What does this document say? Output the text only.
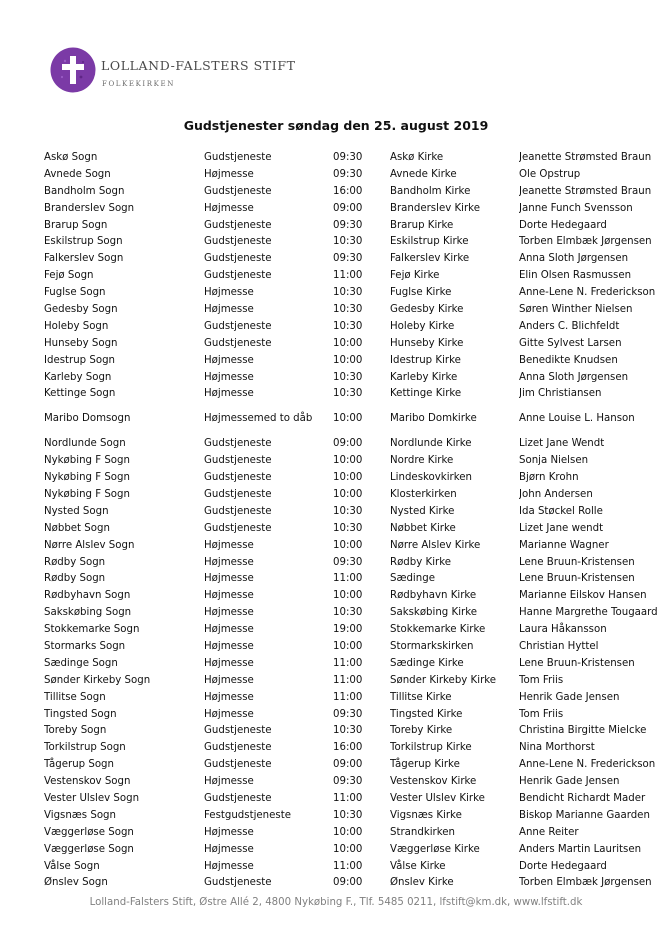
LOLLAND-FALSTERS STIFT
FOLKEKIRKEN
Gudstjenester søndag den 25. august 2019
Askø Sogn	Gudstjeneste	09:30	Askø Kirke	Jeanette Strømsted Braun
Avnede Sogn	Højmesse	09:30	Avnede Kirke	Ole Opstrup
Bandholm Sogn	Gudstjeneste	16:00	Bandholm Kirke	Jeanette Strømsted Braun
Branderslev Sogn	Højmesse	09:00	Branderslev Kirke	Janne Funch Svensson
Brarup Sogn	Gudstjeneste	09:30	Brarup Kirke	Dorte Hedegaard
Eskilstrup Sogn	Gudstjeneste	10:30	Eskilstrup Kirke	Torben Elmbæk Jørgensen
Falkerslev Sogn	Gudstjeneste	09:30	Falkerslev Kirke	Anna Sloth Jørgensen
Fejø Sogn	Gudstjeneste	11:00	Fejø Kirke	Elin Olsen Rasmussen
Fuglse Sogn	Højmesse	10:30	Fuglse Kirke	Anne-Lene N. Frederickson
Gedesby Sogn	Højmesse	10:30	Gedesby Kirke	Søren Winther Nielsen
Holeby Sogn	Gudstjeneste	10:30	Holeby Kirke	Anders C. Blichfeldt
Hunseby Sogn	Gudstjeneste	10:00	Hunseby Kirke	Gitte Sylvest Larsen
Idestrup Sogn	Højmesse	10:00	Idestrup Kirke	Benedikte Knudsen
Karleby Sogn	Højmesse	10:30	Karleby Kirke	Anna Sloth Jørgensen
Kettinge Sogn	Højmesse	10:30	Kettinge Kirke	Jim Christiansen
Maribo Domsogn	Højmessemed to dåb	10:00	Maribo Domkirke	Anne Louise L. Hanson
Nordlunde Sogn	Gudstjeneste	09:00	Nordlunde Kirke	Lizet Jane Wendt
Nykøbing F Sogn	Gudstjeneste	10:00	Nordre Kirke	Sonja Nielsen
Nykøbing F Sogn	Gudstjeneste	10:00	Lindeskovkirken	Bjørn Krohn
Nykøbing F Sogn	Gudstjeneste	10:00	Klosterkirken	John Andersen
Nysted Sogn	Gudstjeneste	10:30	Nysted Kirke	Ida Støckel Rolle
Nøbbet Sogn	Gudstjeneste	10:30	Nøbbet Kirke	Lizet Jane wendt
Nørre Alslev Sogn	Højmesse	10:00	Nørre Alslev Kirke	Marianne Wagner
Rødby Sogn	Højmesse	09:30	Rødby Kirke	Lene Bruun-Kristensen
Rødby Sogn	Højmesse	11:00	Sædinge	Lene Bruun-Kristensen
Rødbyhavn Sogn	Højmesse	10:00	Rødbyhavn Kirke	Marianne Eilskov Hansen
Sakskøbing Sogn	Højmesse	10:30	Sakskøbing Kirke	Hanne Margrethe Tougaard
Stokkemarke Sogn	Højmesse	19:00	Stokkemarke Kirke	Laura Håkansson
Stormarks Sogn	Højmesse	10:00	Stormarkskirken	Christian Hyttel
Sædinge Sogn	Højmesse	11:00	Sædinge Kirke	Lene Bruun-Kristensen
Sønder Kirkeby Sogn	Højmesse	11:00	Sønder Kirkeby Kirke	Tom Friis
Tillitse Sogn	Højmesse	11:00	Tillitse Kirke	Henrik Gade Jensen
Tingsted Sogn	Højmesse	09:30	Tingsted Kirke	Tom Friis
Toreby Sogn	Gudstjeneste	10:30	Toreby Kirke	Christina Birgitte Mielcke
Torkilstrup Sogn	Gudstjeneste	16:00	Torkilstrup Kirke	Nina Morthorst
Tågerup Sogn	Gudstjeneste	09:00	Tågerup Kirke	Anne-Lene N. Frederickson
Vestenskov Sogn	Højmesse	09:30	Vestenskov Kirke	Henrik Gade Jensen
Vester Ulslev Sogn	Gudstjeneste	11:00	Vester Ulslev Kirke	Bendicht Richardt Mader
Vigsnæs Sogn	Festgudstjeneste	10:30	Vigsnæs Kirke	Biskop Marianne Gaarden
Væggerløse Sogn	Højmesse	10:00	Strandkirken	Anne Reiter
Væggerløse Sogn	Højmesse	10:00	Væggerløse Kirke	Anders Martin Lauritsen
Vålse Sogn	Højmesse	11:00	Vålse Kirke	Dorte Hedegaard
Ønslev Sogn	Gudstjeneste	09:00	Ønslev Kirke	Torben Elmbæk Jørgensen
Lolland-Falsters Stift, Østre Allé 2, 4800 Nykøbing F., Tlf. 5485 0211, lfstift@km.dk, www.lfstift.dk
